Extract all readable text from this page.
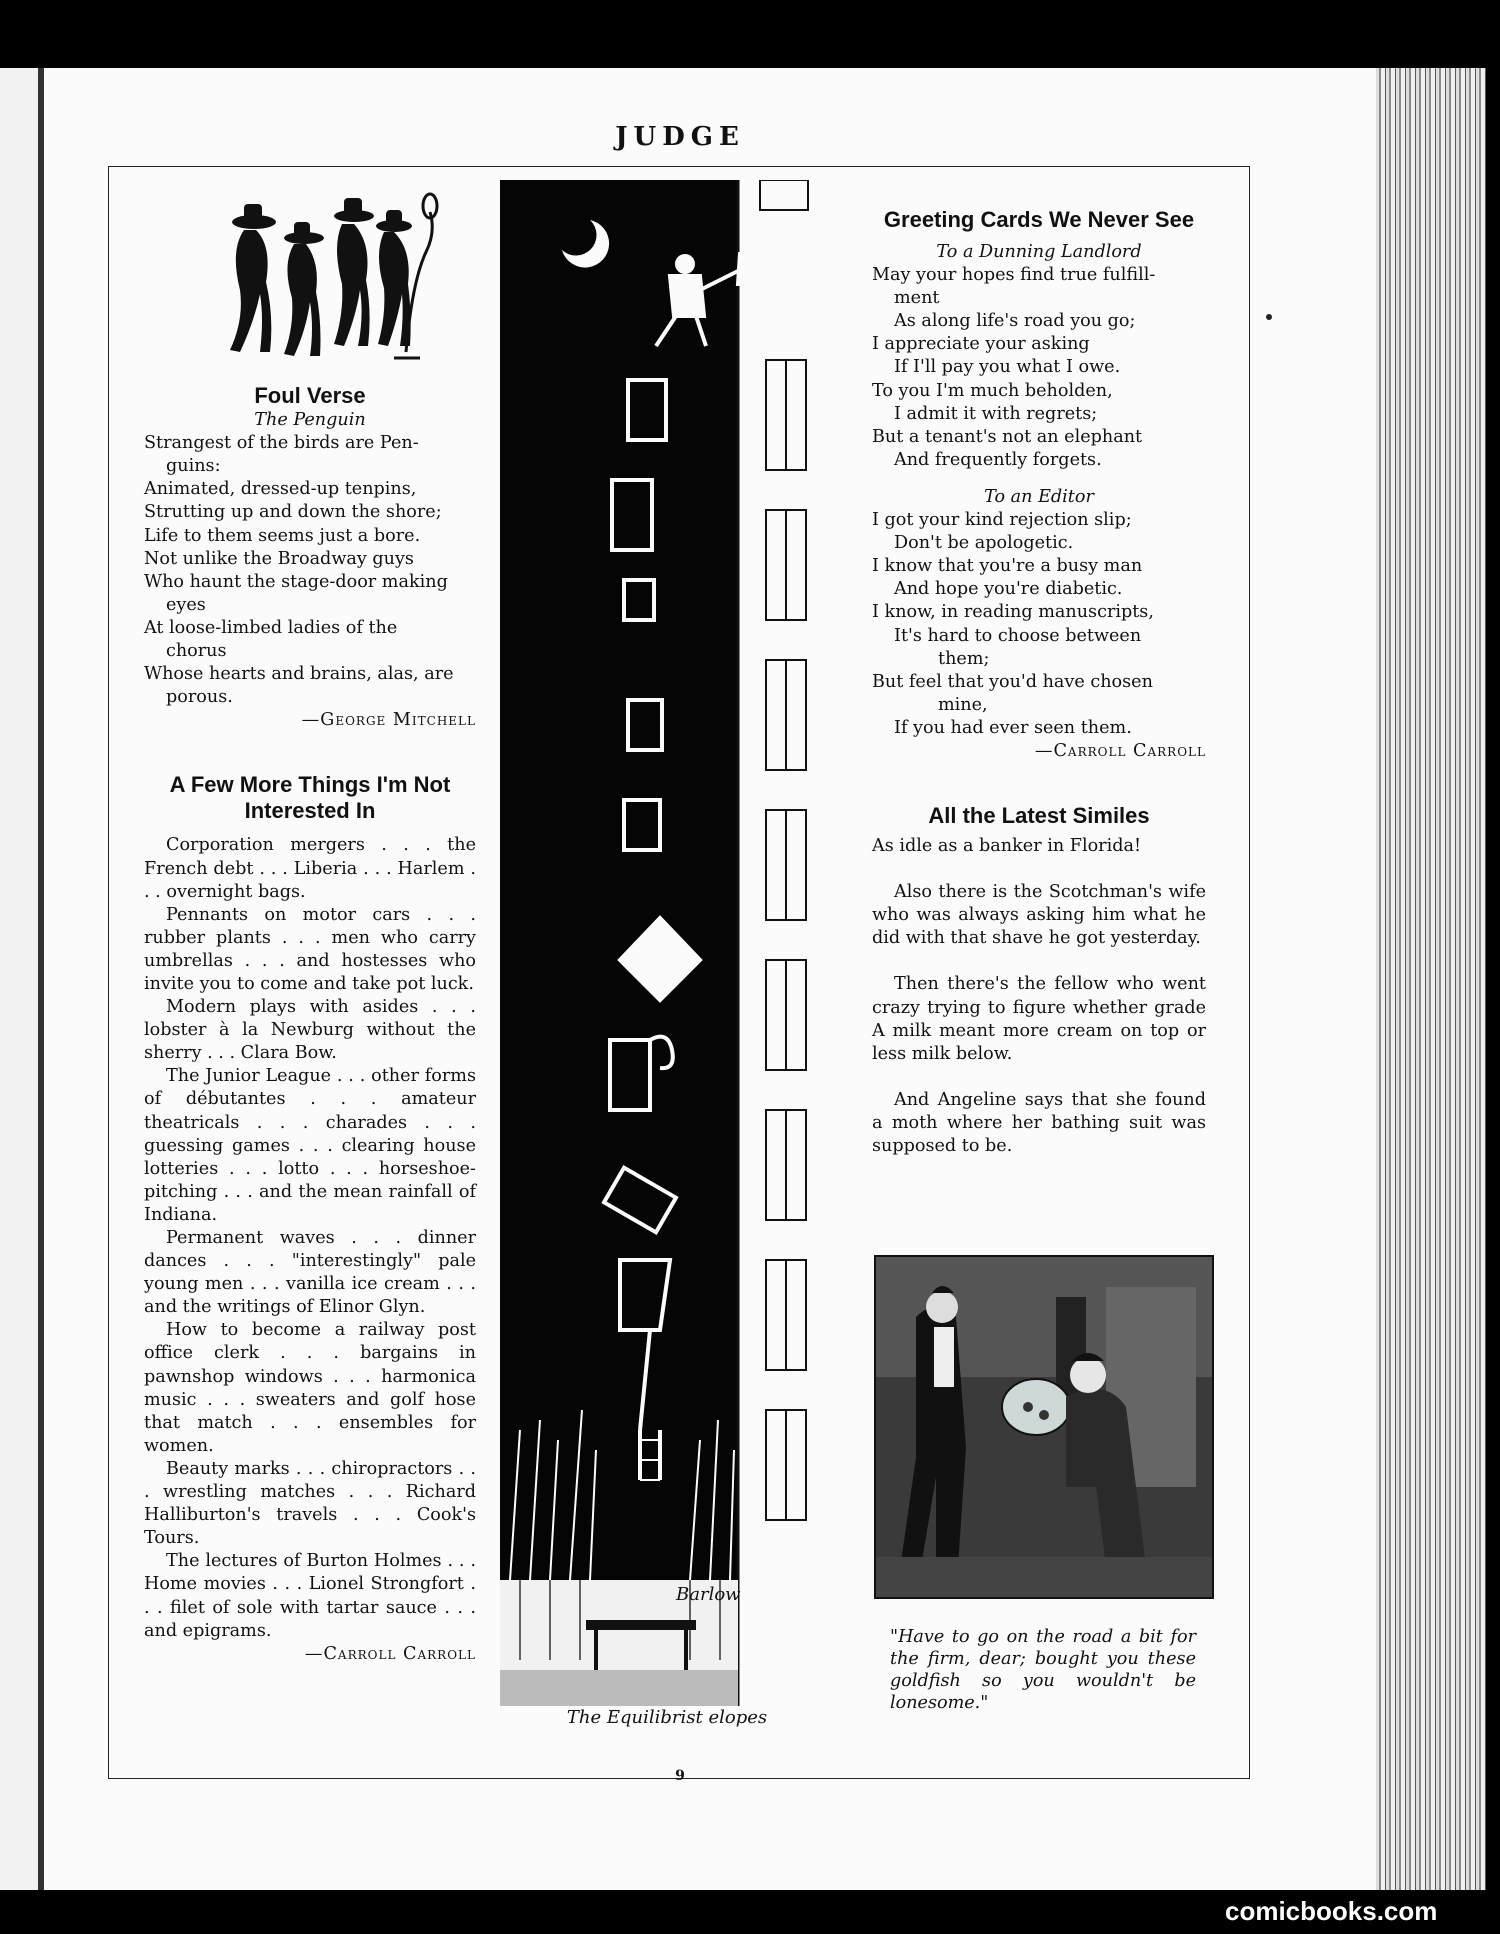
JUDGE

Foul Verse

The Penguin

Strangest of the birds are Pen-

guins:

Animated, dressed-up tenpins,

Strutting up and down the shore;

Life to them seems just a bore.

Not unlike the Broadway guys

Who haunt the stage-door making

eyes

At loose-limbed ladies of the

chorus

Whose hearts and brains, alas, are

porous.

—George Mitchell

A Few More Things I'm Not

Interested In

Corporation mergers . . . the French debt . . . Liberia . . . Harlem . . . overnight bags.

Pennants on motor cars . . . rubber plants . . . men who carry umbrellas . . . and hostesses who invite you to come and take pot luck.

Modern plays with asides . . . lobster à la Newburg without the sherry . . . Clara Bow.

The Junior League . . . other forms of débutantes . . . amateur theatricals . . . charades . . . guessing games . . . clearing house lotteries . . . lotto . . . horseshoe-pitching . . . and the mean rainfall of Indiana.

Permanent waves . . . dinner dances . . . "interestingly" pale young men . . . vanilla ice cream . . . and the writings of Elinor Glyn.

How to become a railway post office clerk . . . bargains in pawnshop windows . . . harmonica music . . . sweaters and golf hose that match . . . ensembles for women.

Beauty marks . . . chiropractors . . . wrestling matches . . . Richard Halliburton's travels . . . Cook's Tours.

The lectures of Burton Holmes . . . Home movies . . . Lionel Strongfort . . . filet of sole with tartar sauce . . . and epigrams.

—Carroll Carroll

Barlow
The Equilibrist elopes

Greeting Cards We Never See

To a Dunning Landlord

May your hopes find true fulfill-

ment

As along life's road you go;

I appreciate your asking

If I'll pay you what I owe.

To you I'm much beholden,

I admit it with regrets;

But a tenant's not an elephant

And frequently forgets.

To an Editor

I got your kind rejection slip;

Don't be apologetic.

I know that you're a busy man

And hope you're diabetic.

I know, in reading manuscripts,

It's hard to choose between

them;

But feel that you'd have chosen

mine,

If you had ever seen them.

—Carroll Carroll

All the Latest Similes

As idle as a banker in Florida!

Also there is the Scotchman's wife who was always asking him what he did with that shave he got yesterday.

Then there's the fellow who went crazy trying to figure whether grade A milk meant more cream on top or less milk below.

And Angeline says that she found a moth where her bathing suit was supposed to be.

"Have to go on the road a bit for the firm, dear; bought you these goldfish so you wouldn't be lonesome."
9
comicbooks.com
